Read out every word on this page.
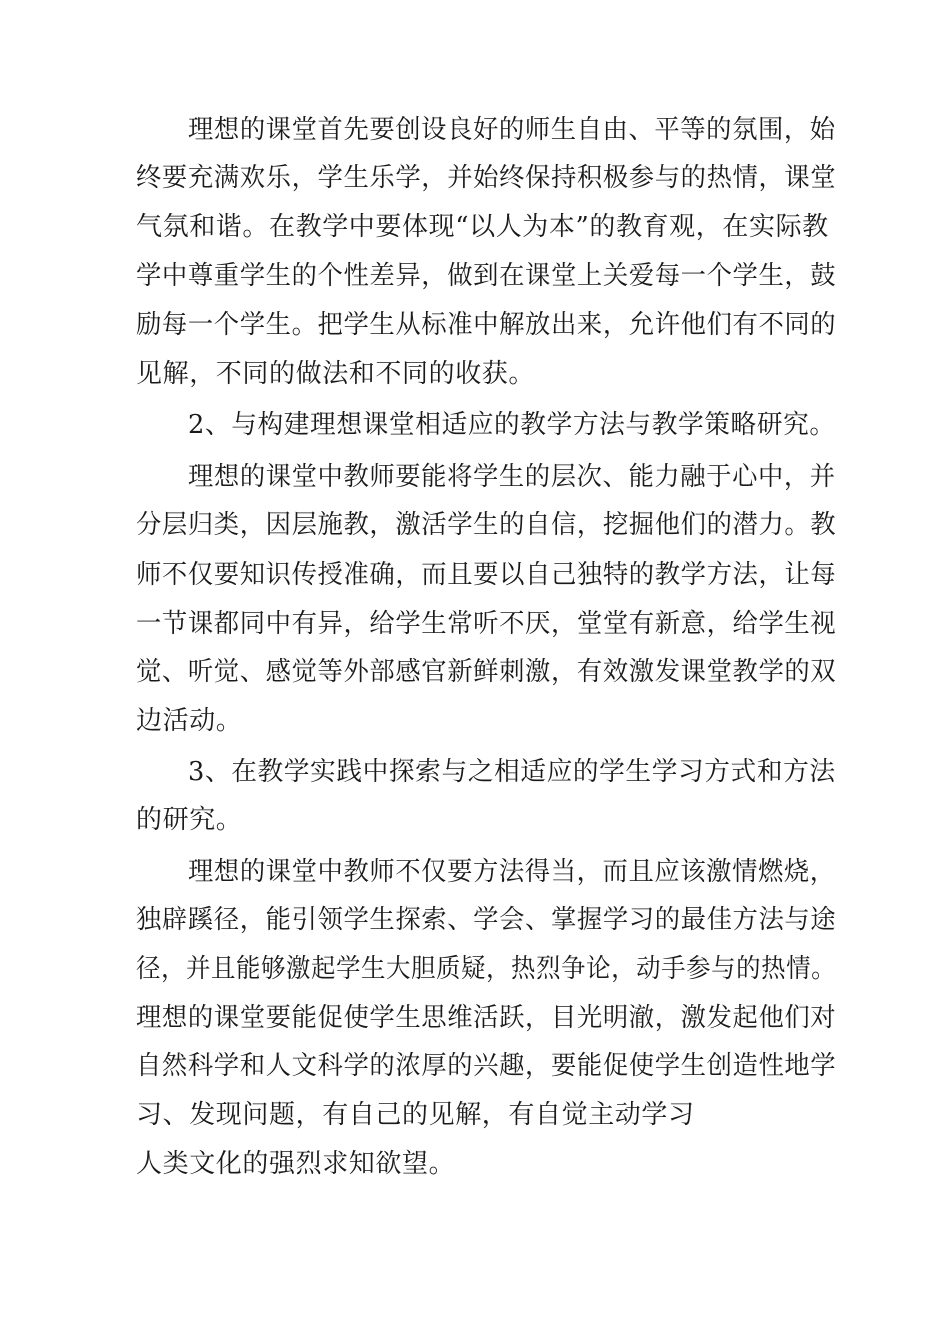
理想的课堂首先要创设良好的师生自由、平等的氛围，始
终要充满欢乐，学生乐学，并始终保持积极参与的热情，课堂
气氛和谐。在教学中要体现“以人为本”的教育观，在实际教
学中尊重学生的个性差异，做到在课堂上关爱每一个学生，鼓
励每一个学生。把学生从标准中解放出来，允许他们有不同的
见解，不同的做法和不同的收获。
2、与构建理想课堂相适应的教学方法与教学策略研究。
理想的课堂中教师要能将学生的层次、能力融于心中，并
分层归类，因层施教，激活学生的自信，挖掘他们的潜力。教
师不仅要知识传授准确，而且要以自己独特的教学方法，让每
一节课都同中有异，给学生常听不厌，堂堂有新意，给学生视
觉、听觉、感觉等外部感官新鲜刺激，有效激发课堂教学的双
边活动。
3、在教学实践中探索与之相适应的学生学习方式和方法
的研究。
理想的课堂中教师不仅要方法得当，而且应该激情燃烧，
独辟蹊径，能引领学生探索、学会、掌握学习的最佳方法与途
径，并且能够激起学生大胆质疑，热烈争论，动手参与的热情。
理想的课堂要能促使学生思维活跃，目光明澈，激发起他们对
自然科学和人文科学的浓厚的兴趣，要能促使学生创造性地学
习、发现问题，有自己的见解，有自觉主动学习
人类文化的强烈求知欲望。
